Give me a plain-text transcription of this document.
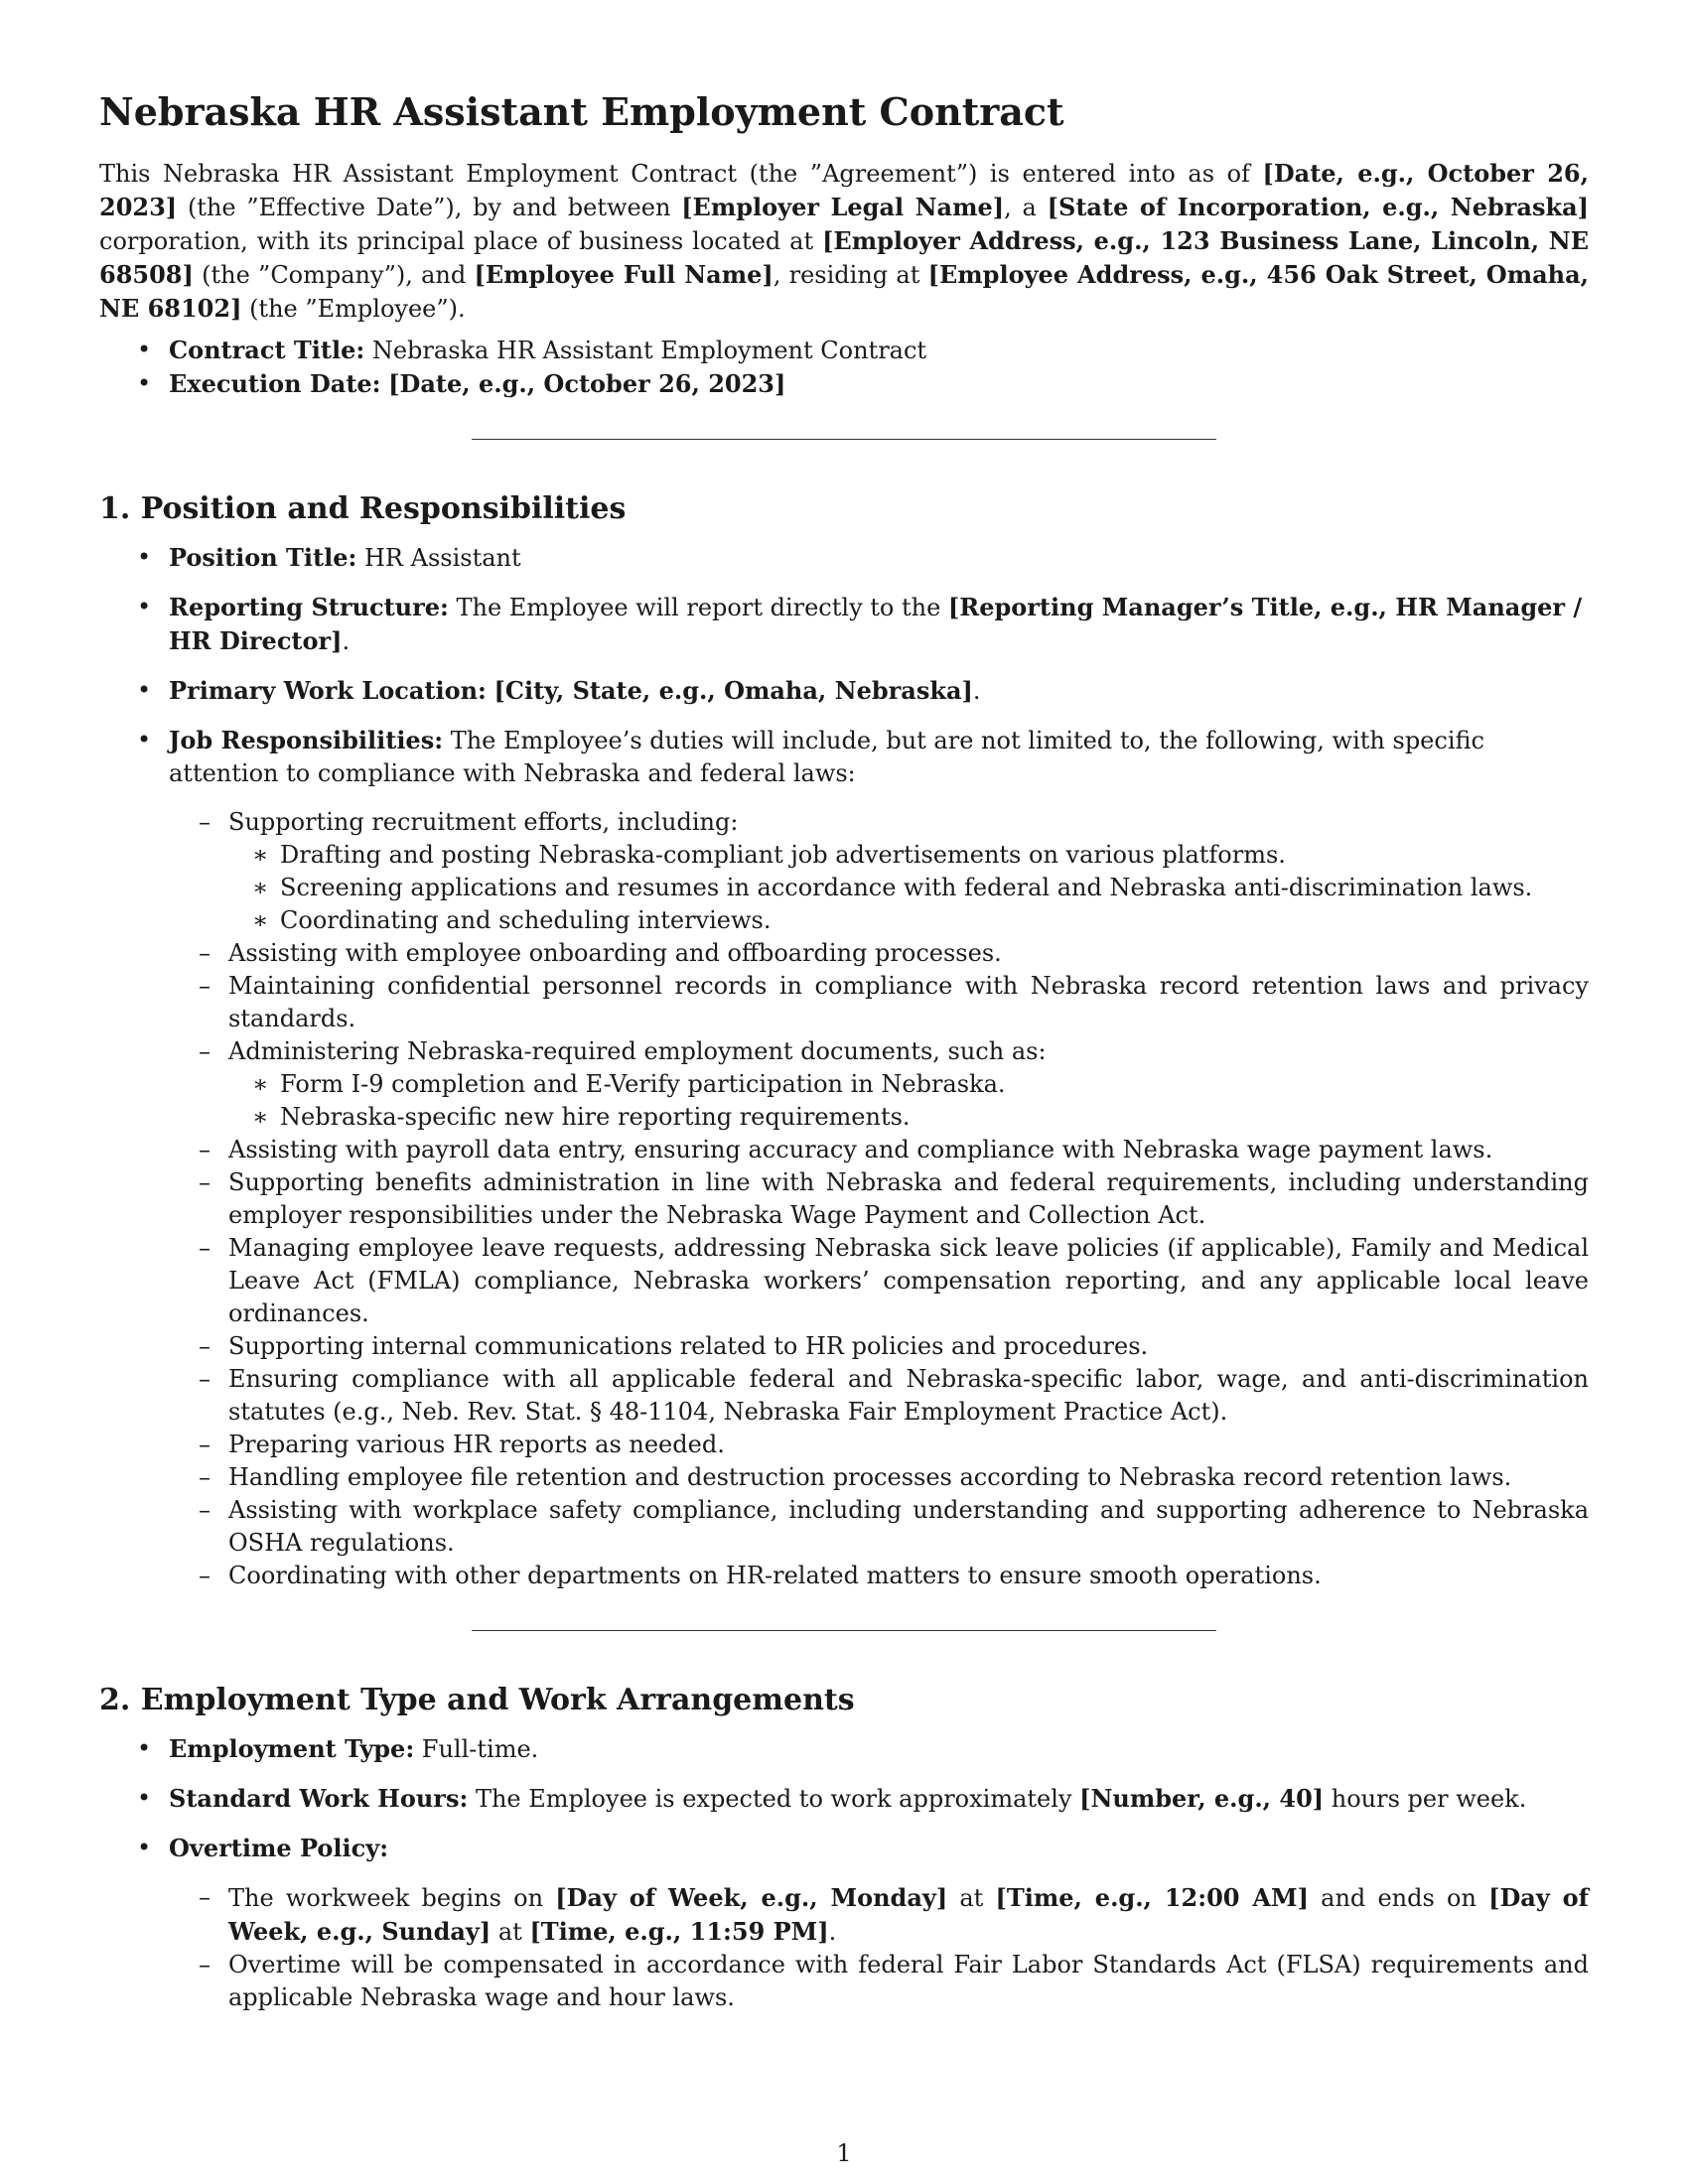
Nebraska HR Assistant Employment Contract

This Nebraska HR Assistant Employment Contract (the ”Agreement”) is entered into as of [Date, e.g., October 26, 2023] (the ”Effective Date”), by and between [Employer Legal Name], a [State of Incorporation, e.g., Nebraska] corporation, with its principal place of business located at [Employer Address, e.g., 123 Business Lane, Lincoln, NE 68508] (the ”Company”), and [Employee Full Name], residing at [Employee Address, e.g., 456 Oak Street, Omaha, NE 68102] (the ”Employee”).

• Contract Title: Nebraska HR Assistant Employment Contract
• Execution Date: [Date, e.g., October 26, 2023]
1. Position and Responsibilities
• Position Title: HR Assistant
• Reporting Structure: The Employee will report directly to the [Reporting Manager’s Title, e.g., HR Manager / HR Director].
• Primary Work Location: [City, State, e.g., Omaha, Nebraska].
• Job Responsibilities: The Employee’s duties will include, but are not limited to, the following, with specific attention to compliance with Nebraska and federal laws:
– Supporting recruitment efforts, including:
∗ Drafting and posting Nebraska-compliant job advertisements on various platforms.
∗ Screening applications and resumes in accordance with federal and Nebraska anti-discrimination laws.
∗ Coordinating and scheduling interviews.
– Assisting with employee onboarding and offboarding processes.
– Maintaining confidential personnel records in compliance with Nebraska record retention laws and privacy standards.
– Administering Nebraska-required employment documents, such as:
∗ Form I-9 completion and E-Verify participation in Nebraska.
∗ Nebraska-specific new hire reporting requirements.
– Assisting with payroll data entry, ensuring accuracy and compliance with Nebraska wage payment laws.
– Supporting benefits administration in line with Nebraska and federal requirements, including understanding employer responsibilities under the Nebraska Wage Payment and Collection Act.
– Managing employee leave requests, addressing Nebraska sick leave policies (if applicable), Family and Medical Leave Act (FMLA) compliance, Nebraska workers’ compensation reporting, and any applicable local leave ordinances.
– Supporting internal communications related to HR policies and procedures.
– Ensuring compliance with all applicable federal and Nebraska-specific labor, wage, and anti-discrimination statutes (e.g., Neb. Rev. Stat. § 48-1104, Nebraska Fair Employment Practice Act).
– Preparing various HR reports as needed.
– Handling employee file retention and destruction processes according to Nebraska record retention laws.
– Assisting with workplace safety compliance, including understanding and supporting adherence to Nebraska OSHA regulations.
– Coordinating with other departments on HR-related matters to ensure smooth operations.
2. Employment Type and Work Arrangements
• Employment Type: Full-time.
• Standard Work Hours: The Employee is expected to work approximately [Number, e.g., 40] hours per week.
• Overtime Policy:
– The workweek begins on [Day of Week, e.g., Monday] at [Time, e.g., 12:00 AM] and ends on [Day of Week, e.g., Sunday] at [Time, e.g., 11:59 PM].
– Overtime will be compensated in accordance with federal Fair Labor Standards Act (FLSA) requirements and applicable Nebraska wage and hour laws.
1
